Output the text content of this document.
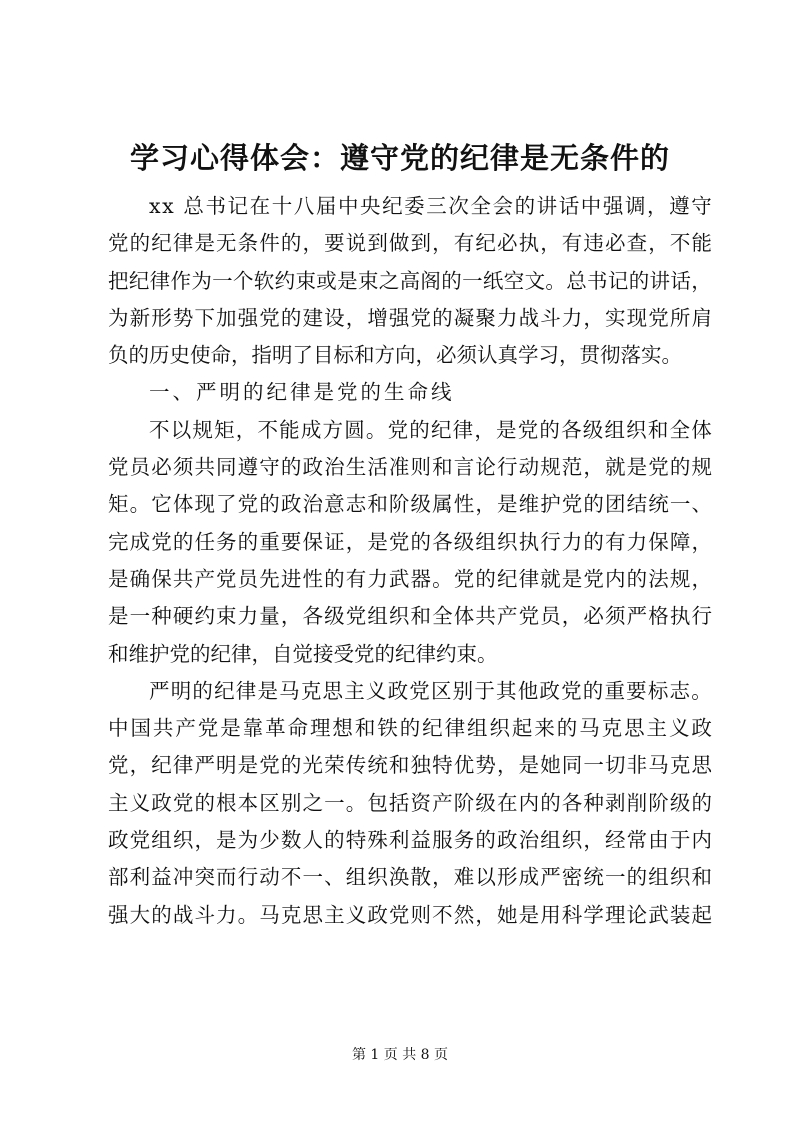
学习心得体会：遵守党的纪律是无条件的
x x
总 书 记 在 十 八 届 中 央 纪 委 三 次 全 会 的 讲 话 中 强 调 ， 遵 守
党 的 纪 律 是 无 条 件 的 ， 要 说 到 做 到 ， 有 纪 必 执 ， 有 违 必 查 ， 不 能
把 纪 律 作 为 一 个 软 约 束 或 是 束 之 高 阁 的 一 纸 空 文 。 总 书 记 的 讲 话 ，
为 新 形 势 下 加 强 党 的 建 设 ， 增 强 党 的 凝 聚 力 战 斗 力 ， 实 现 党 所 肩
负的历史使命，指明了目标和方向，必须认真学习，贯彻落实。
一、严明的纪律是党的生命线
不 以 规 矩 ， 不 能 成 方 圆 。 党 的 纪 律 ， 是 党 的 各 级 组 织 和 全 体
党 员 必 须 共 同 遵 守 的 政 治 生 活 准 则 和 言 论 行 动 规 范 ， 就 是 党 的 规
矩 。 它 体 现 了 党 的 政 治 意 志 和 阶 级 属 性 ， 是 维 护 党 的 团 结 统 一 、
完 成 党 的 任 务 的 重 要 保 证 ， 是 党 的 各 级 组 织 执 行 力 的 有 力 保 障 ，
是 确 保 共 产 党 员 先 进 性 的 有 力 武 器 。 党 的 纪 律 就 是 党 内 的 法 规 ，
是 一 种 硬 约 束 力 量 ， 各 级 党 组 织 和 全 体 共 产 党 员 ， 必 须 严 格 执 行
和维护党的纪律，自觉接受党的纪律约束。
严 明 的 纪 律 是 马 克 思 主 义 政 党 区 别 于 其 他 政 党 的 重 要 标 志 。
中 国 共 产 党 是 靠 革 命 理 想 和 铁 的 纪 律 组 织 起 来 的 马 克 思 主 义 政
党 ， 纪 律 严 明 是 党 的 光 荣 传 统 和 独 特 优 势 ， 是 她 同 一 切 非 马 克 思
主 义 政 党 的 根 本 区 别 之 一 。 包 括 资 产 阶 级 在 内 的 各 种 剥 削 阶 级 的
政 党 组 织 ， 是 为 少 数 人 的 特 殊 利 益 服 务 的 政 治 组 织 ， 经 常 由 于 内
部 利 益 冲 突 而 行 动 不 一 、 组 织 涣 散 ， 难 以 形 成 严 密 统 一 的 组 织 和
强 大 的 战 斗 力 。 马 克 思 主 义 政 党 则 不 然 ， 她 是 用 科 学 理 论 武 装 起
第 1 页 共 8 页
